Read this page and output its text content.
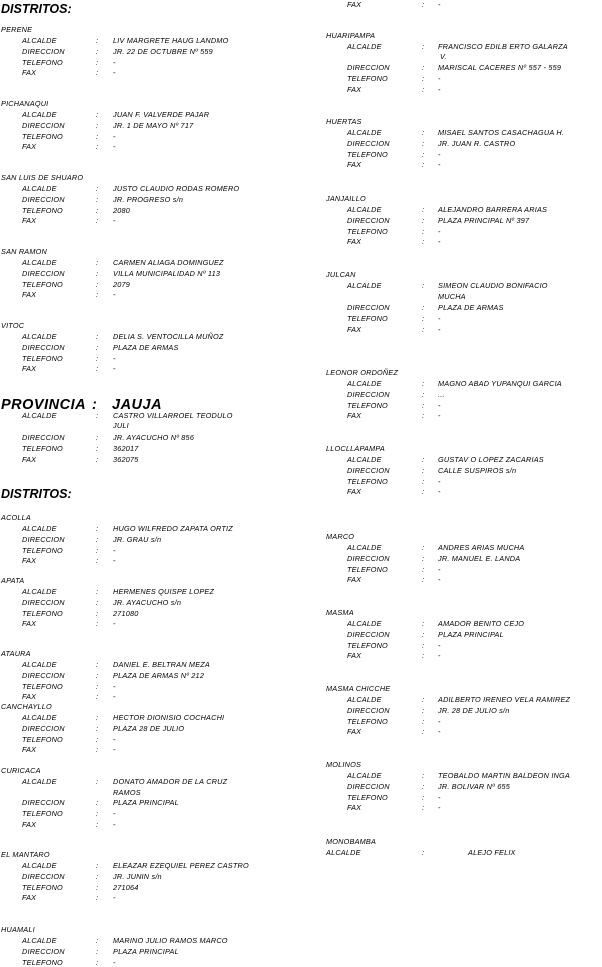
DISTRITOS:
PERENE
ALCALDE	: LIV MARGRETE HAUG LANDMO
DIRECCION	: JR. 22 DE OCTUBRE Nº 559
TELEFONO	: -
FAX	: -
PICHANAQUI
ALCALDE	: JUAN F. VALVERDE PAJAR
DIRECCION	: JR. 1 DE MAYO Nº 717
TELEFONO	: -
FAX	: -
SAN LUIS DE SHUARO
ALCALDE	: JUSTO CLAUDIO RODAS ROMERO
DIRECCION	: JR. PROGRESO s/n
TELEFONO	: 2080
FAX	: -
SAN RAMON
ALCALDE	: CARMEN ALIAGA DOMINGUEZ
DIRECCION	: VILLA MUNICIPALIDAD Nº 113
TELEFONO	: 2079
FAX	: -
VITOC
ALCALDE	: DELIA S. VENTOCILLA MUÑOZ
DIRECCION	: PLAZA DE ARMAS
TELEFONO	: -
FAX	: -
PROVINCIA : JAUJA
ALCALDE	: CASTRO VILLARROEL TEODULO
JULI
DIRECCION	: JR. AYACUCHO Nº 856
TELEFONO	: 362017
FAX	: 362075
DISTRITOS:
ACOLLA
ALCALDE	: HUGO WILFREDO ZAPATA ORTIZ
DIRECCION	: JR. GRAU s/n
TELEFONO	: -
FAX	: -
APATA
ALCALDE	: HERMENES QUISPE LOPEZ
DIRECCION	: JR. AYACUCHO s/n
TELEFONO	: 271080
FAX	: -
ATAURA
ALCALDE	: DANIEL E. BELTRAN MEZA
DIRECCION	: PLAZA DE ARMAS Nº 212
TELEFONO	: -
FAX	: -
CANCHAYLLO
ALCALDE	: HECTOR DIONISIO COCHACHI
DIRECCION	: PLAZA 28 DE JULIO
TELEFONO	: -
FAX	: -
CURICACA
ALCALDE	: DONATO AMADOR DE LA CRUZ
RAMOS
DIRECCION	: PLAZA PRINCIPAL
TELEFONO	: -
FAX	: -
EL MANTARO
ALCALDE	: ELEAZAR EZEQUIEL PEREZ CASTRO
DIRECCION	: JR. JUNIN s/n
TELEFONO	: 271064
FAX	: -
HUAMALI
ALCALDE	: MARINO JULIO RAMOS MARCO
DIRECCION	: PLAZA PRINCIPAL
TELEFONO	: -
FAX	: -
HUARIPAMPA
ALCALDE	: FRANCISCO EDILB ERTO GALARZA
V.
DIRECCION	: MARISCAL CACERES Nº 557 - 559
TELEFONO	: -
FAX	: -
HUERTAS
ALCALDE	: MISAEL SANTOS CASACHAGUA H.
DIRECCION	: JR. JUAN R. CASTRO
TELEFONO	: -
FAX	: -
JANJAILLO
ALCALDE	: ALEJANDRO BARRERA ARIAS
DIRECCION	: PLAZA PRINCIPAL Nº 397
TELEFONO	: -
FAX	: -
JULCAN
ALCALDE	: SIMEON CLAUDIO BONIFACIO
MUCHA
DIRECCION	: PLAZA DE ARMAS
TELEFONO	: -
FAX	: -
LEONOR ORDOÑEZ
ALCALDE	: MAGNO ABAD YUPANQUI GARCIA
DIRECCION	: ...
TELEFONO	: -
FAX	: -
LLOCLLAPAMPA
ALCALDE	: GUSTAV O LOPEZ ZACARIAS
DIRECCION	: CALLE SUSPIROS s/n
TELEFONO	: -
FAX	: -
MARCO
ALCALDE	: ANDRES ARIAS MUCHA
DIRECCION	: JR. MANUEL E. LANDA
TELEFONO	: -
FAX	: -
MASMA
ALCALDE	: AMADOR BENITO CEJO
DIRECCION	: PLAZA PRINCIPAL
TELEFONO	: -
FAX	: -
MASMA CHICCHE
ALCALDE	: ADILBERTO IRENEO VELA RAMIREZ
DIRECCION	: JR. 28 DE JULIO s/n
TELEFONO	: -
FAX	: -
MOLINOS
ALCALDE	: TEOBALDO MARTIN BALDEON INGA
DIRECCION	: JR. BOLIVAR Nº 655
TELEFONO	: -
FAX	: -
MONOBAMBA
ALCALDE	:	ALEJO FELIX
